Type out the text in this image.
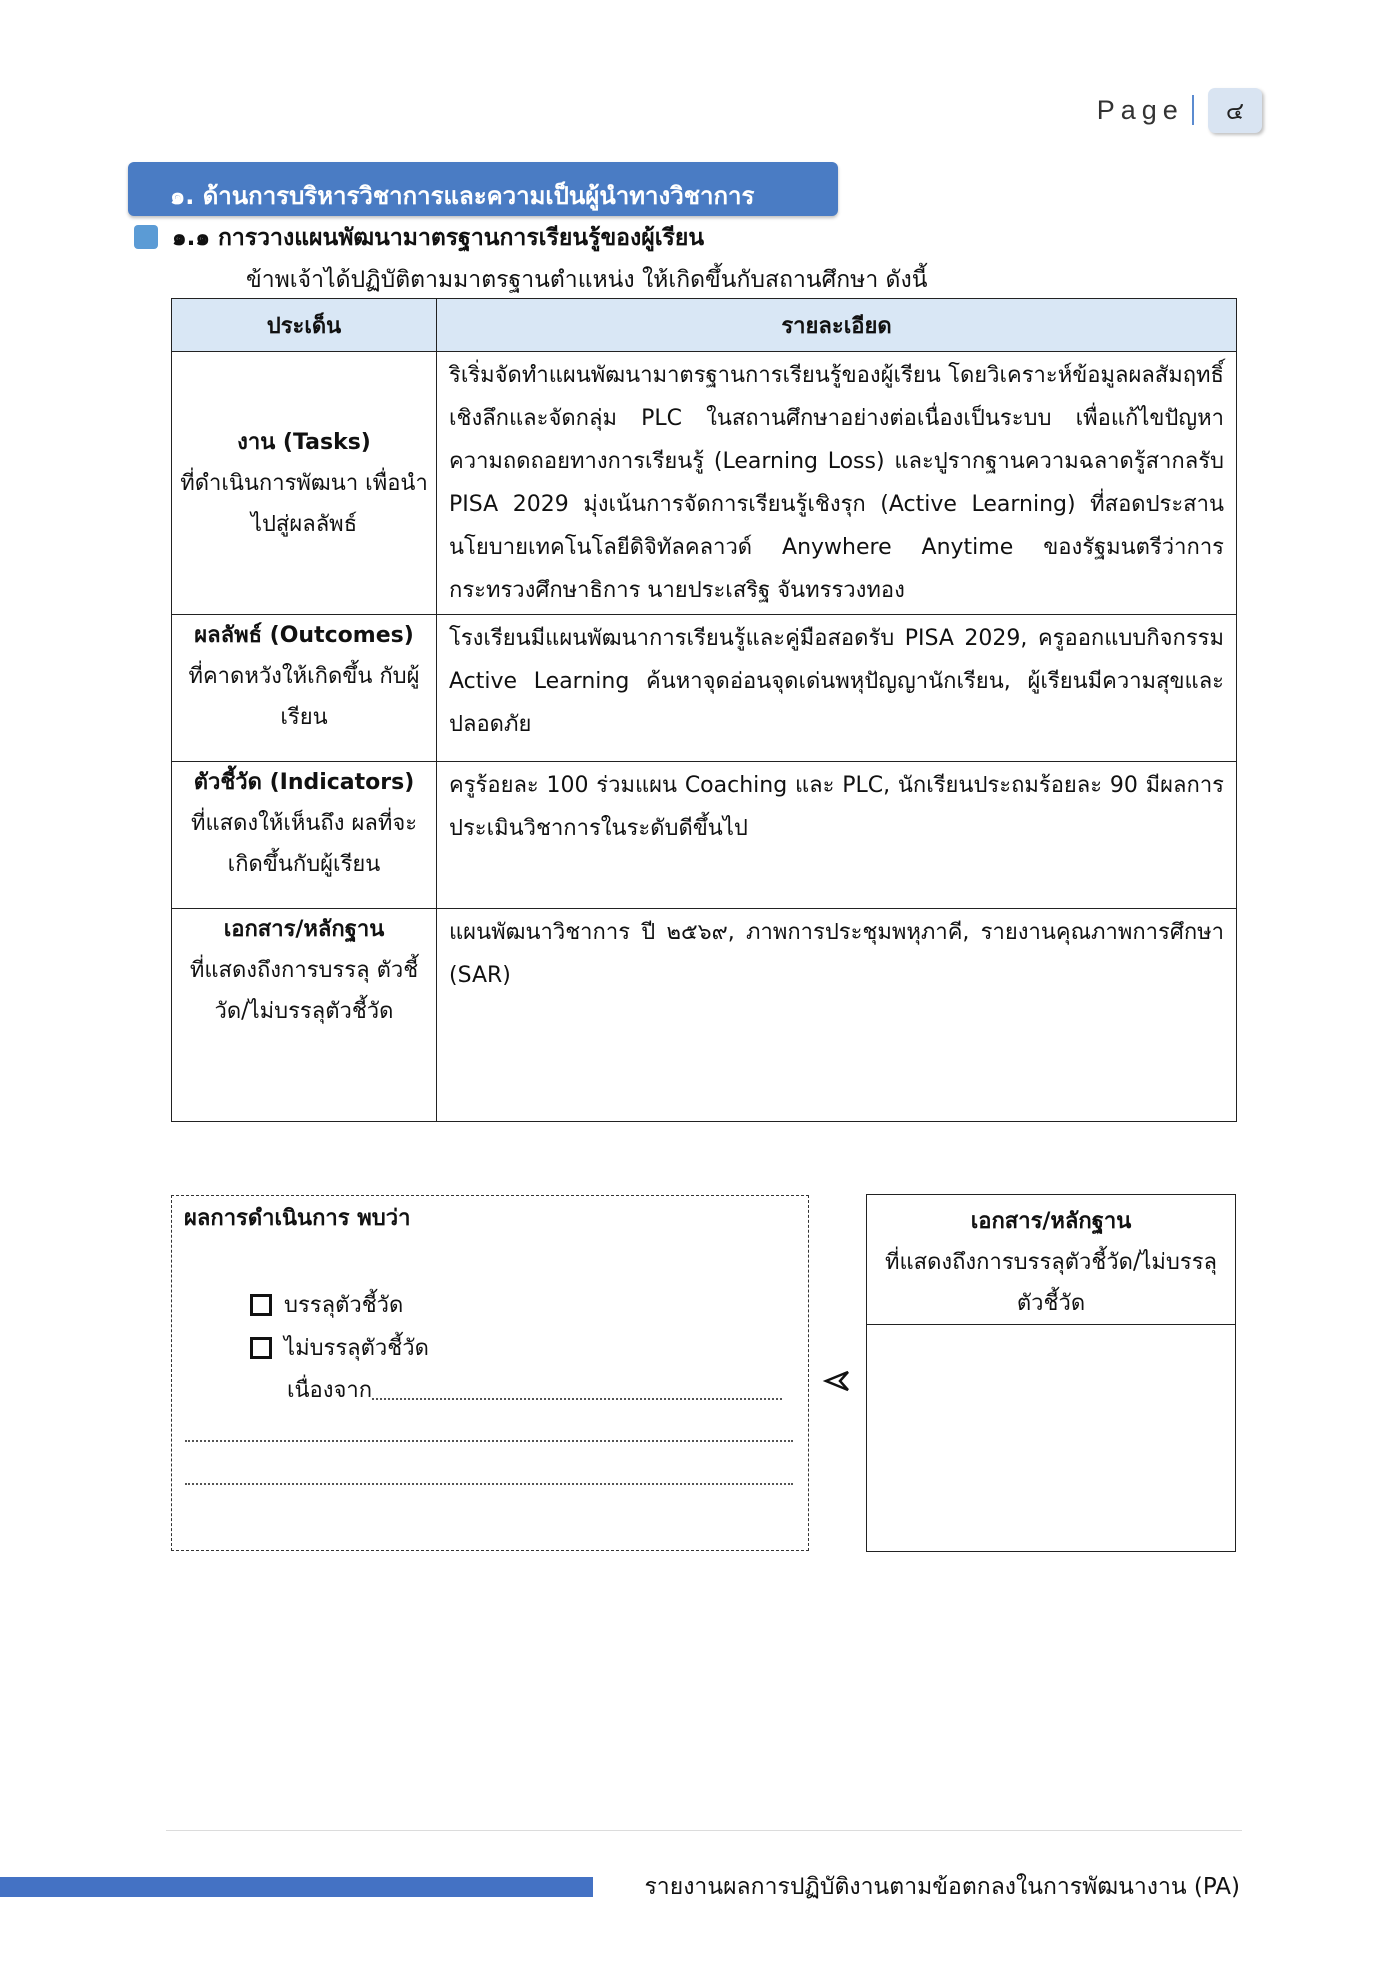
Page	๔
๑. ด้านการบริหารวิชาการและความเป็นผู้นำทางวิชาการ
๑.๑ การวางแผนพัฒนามาตรฐานการเรียนรู้ของผู้เรียน
ข้าพเจ้าได้ปฏิบัติตามมาตรฐานตำแหน่ง ให้เกิดขึ้นกับสถานศึกษา ดังนี้
ประเด็น	รายละเอียด

งาน (Tasks)
ที่ดำเนินการพัฒนา เพื่อนำไปสู่ผลลัพธ์	ริเริ่มจัดทำแผนพัฒนามาตรฐานการเรียนรู้ของผู้เรียน โดยวิเคราะห์ข้อมูลผลสัมฤทธิ์เชิงลึกและจัดกลุ่ม PLC ในสถานศึกษาอย่างต่อเนื่องเป็นระบบ เพื่อแก้ไขปัญหาความถดถอยทางการเรียนรู้ (Learning Loss) และปูรากฐานความฉลาดรู้สากลรับ PISA 2029 มุ่งเน้นการจัดการเรียนรู้เชิงรุก (Active Learning) ที่สอดประสานนโยบายเทคโนโลยีดิจิทัลคลาวด์ Anywhere Anytime ของรัฐมนตรีว่าการกระทรวงศึกษาธิการ นายประเสริฐ จันทรรวงทอง

ผลลัพธ์ (Outcomes)
ที่คาดหวังให้เกิดขึ้น กับผู้เรียน	โรงเรียนมีแผนพัฒนาการเรียนรู้และคู่มือสอดรับ PISA 2029, ครูออกแบบกิจกรรม Active Learning ค้นหาจุดอ่อนจุดเด่นพหุปัญญานักเรียน, ผู้เรียนมีความสุขและปลอดภัย

ตัวชี้วัด (Indicators)
ที่แสดงให้เห็นถึง ผลที่จะเกิดขึ้นกับผู้เรียน	ครูร้อยละ 100 ร่วมแผน Coaching และ PLC, นักเรียนประถมร้อยละ 90 มีผลการประเมินวิชาการในระดับดีขึ้นไป

เอกสาร/หลักฐาน
ที่แสดงถึงการบรรลุ ตัวชี้วัด/ไม่บรรลุตัวชี้วัด	แผนพัฒนาวิชาการ ปี ๒๕๖๙, ภาพการประชุมพหุภาคี, รายงานคุณภาพการศึกษา (SAR)
ผลการดำเนินการ พบว่า
บรรลุตัวชี้วัด
ไม่บรรลุตัวชี้วัด
เนื่องจาก
เอกสาร/หลักฐาน
ที่แสดงถึงการบรรลุตัวชี้วัด/ไม่บรรลุตัวชี้วัด
รายงานผลการปฏิบัติงานตามข้อตกลงในการพัฒนางาน (PA)
